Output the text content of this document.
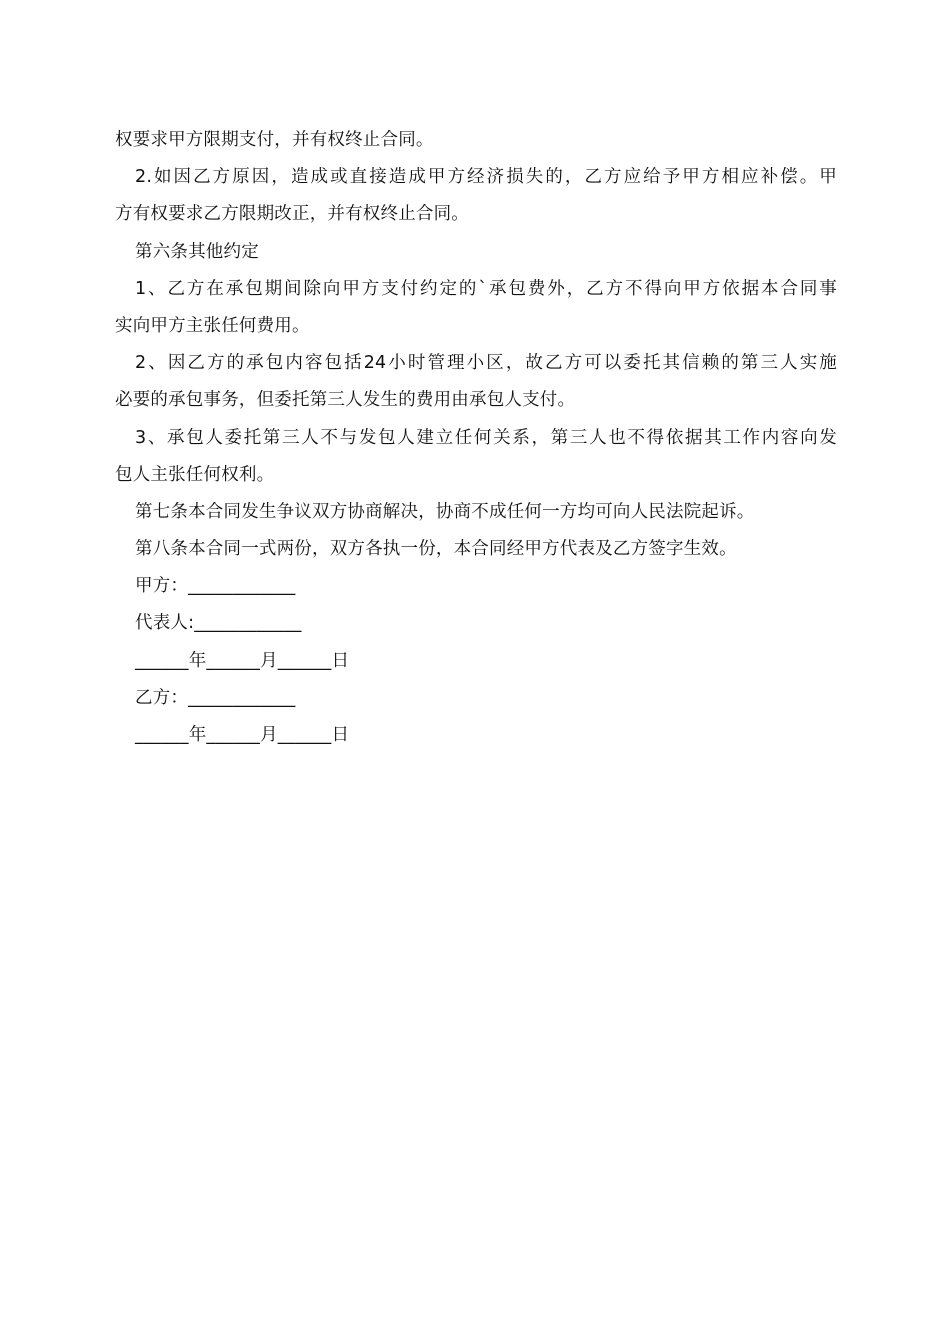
权要求甲方限期支付，并有权终止合同。
2.如因乙方原因，造成或直接造成甲方经济损失的，乙方应给予甲方相应补偿。甲
方有权要求乙方限期改正，并有权终止合同。
第六条其他约定
1、乙方在承包期间除向甲方支付约定的`承包费外，乙方不得向甲方依据本合同事
实向甲方主张任何费用。
2、因乙方的承包内容包括24小时管理小区，故乙方可以委托其信赖的第三人实施
必要的承包事务，但委托第三人发生的费用由承包人支付。
3、承包人委托第三人不与发包人建立任何关系，第三人也不得依据其工作内容向发
包人主张任何权利。
第七条本合同发生争议双方协商解决，协商不成任何一方均可向人民法院起诉。
第八条本合同一式两份，双方各执一份，本合同经甲方代表及乙方签字生效。
甲方：____________
代表人:____________
______年______月______日
乙方：____________
______年______月______日
